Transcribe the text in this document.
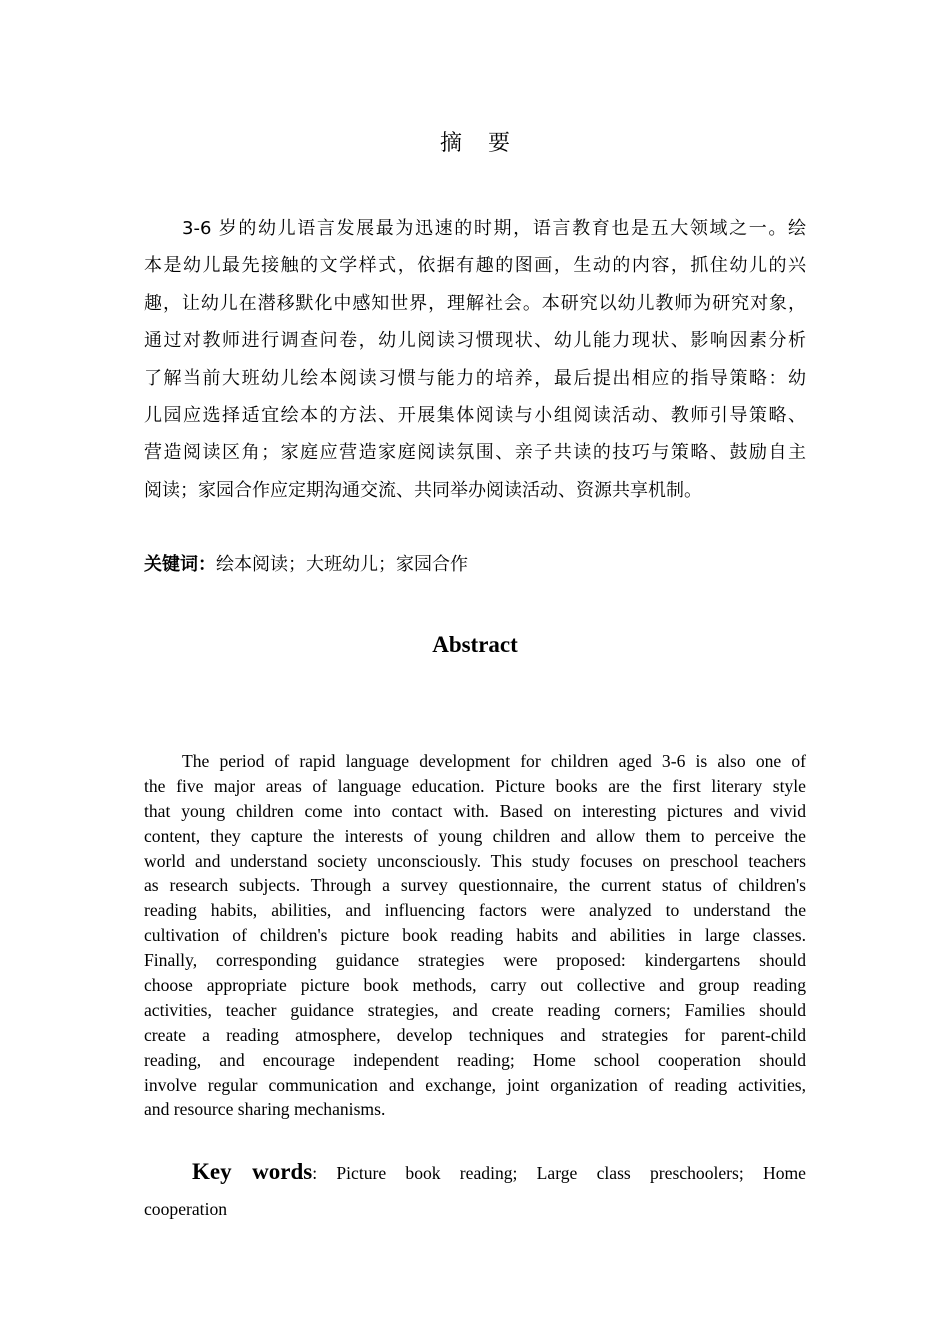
摘要
3-6 岁的幼儿语言发展最为迅速的时期，语言教育也是五大领域之一。绘
本是幼儿最先接触的文学样式，依据有趣的图画，生动的内容，抓住幼儿的兴
趣，让幼儿在潜移默化中感知世界，理解社会。本研究以幼儿教师为研究对象，
通过对教师进行调查问卷，幼儿阅读习惯现状、幼儿能力现状、影响因素分析
了解当前大班幼儿绘本阅读习惯与能力的培养，最后提出相应的指导策略：幼
儿园应选择适宜绘本的方法、开展集体阅读与小组阅读活动、教师引导策略、
营造阅读区角；家庭应营造家庭阅读氛围、亲子共读的技巧与策略、鼓励自主
阅读；家园合作应定期沟通交流、共同举办阅读活动、资源共享机制。
关键词：绘本阅读；大班幼儿；家园合作
Abstract
The period of rapid language development for children aged 3-6 is also one of
the five major areas of language education. Picture books are the first literary style
that young children come into contact with. Based on interesting pictures and vivid
content, they capture the interests of young children and allow them to perceive the
world and understand society unconsciously. This study focuses on preschool teachers
as research subjects. Through a survey questionnaire, the current status of children's
reading habits, abilities, and influencing factors were analyzed to understand the
cultivation of children's picture book reading habits and abilities in large classes.
Finally, corresponding guidance strategies were proposed: kindergartens should
choose appropriate picture book methods, carry out collective and group reading
activities, teacher guidance strategies, and create reading corners; Families should
create a reading atmosphere, develop techniques and strategies for parent-child
reading, and encourage independent reading; Home school cooperation should
involve regular communication and exchange, joint organization of reading activities,
and resource sharing mechanisms.
Key words: Picture book reading; Large class preschoolers; Home
cooperation
